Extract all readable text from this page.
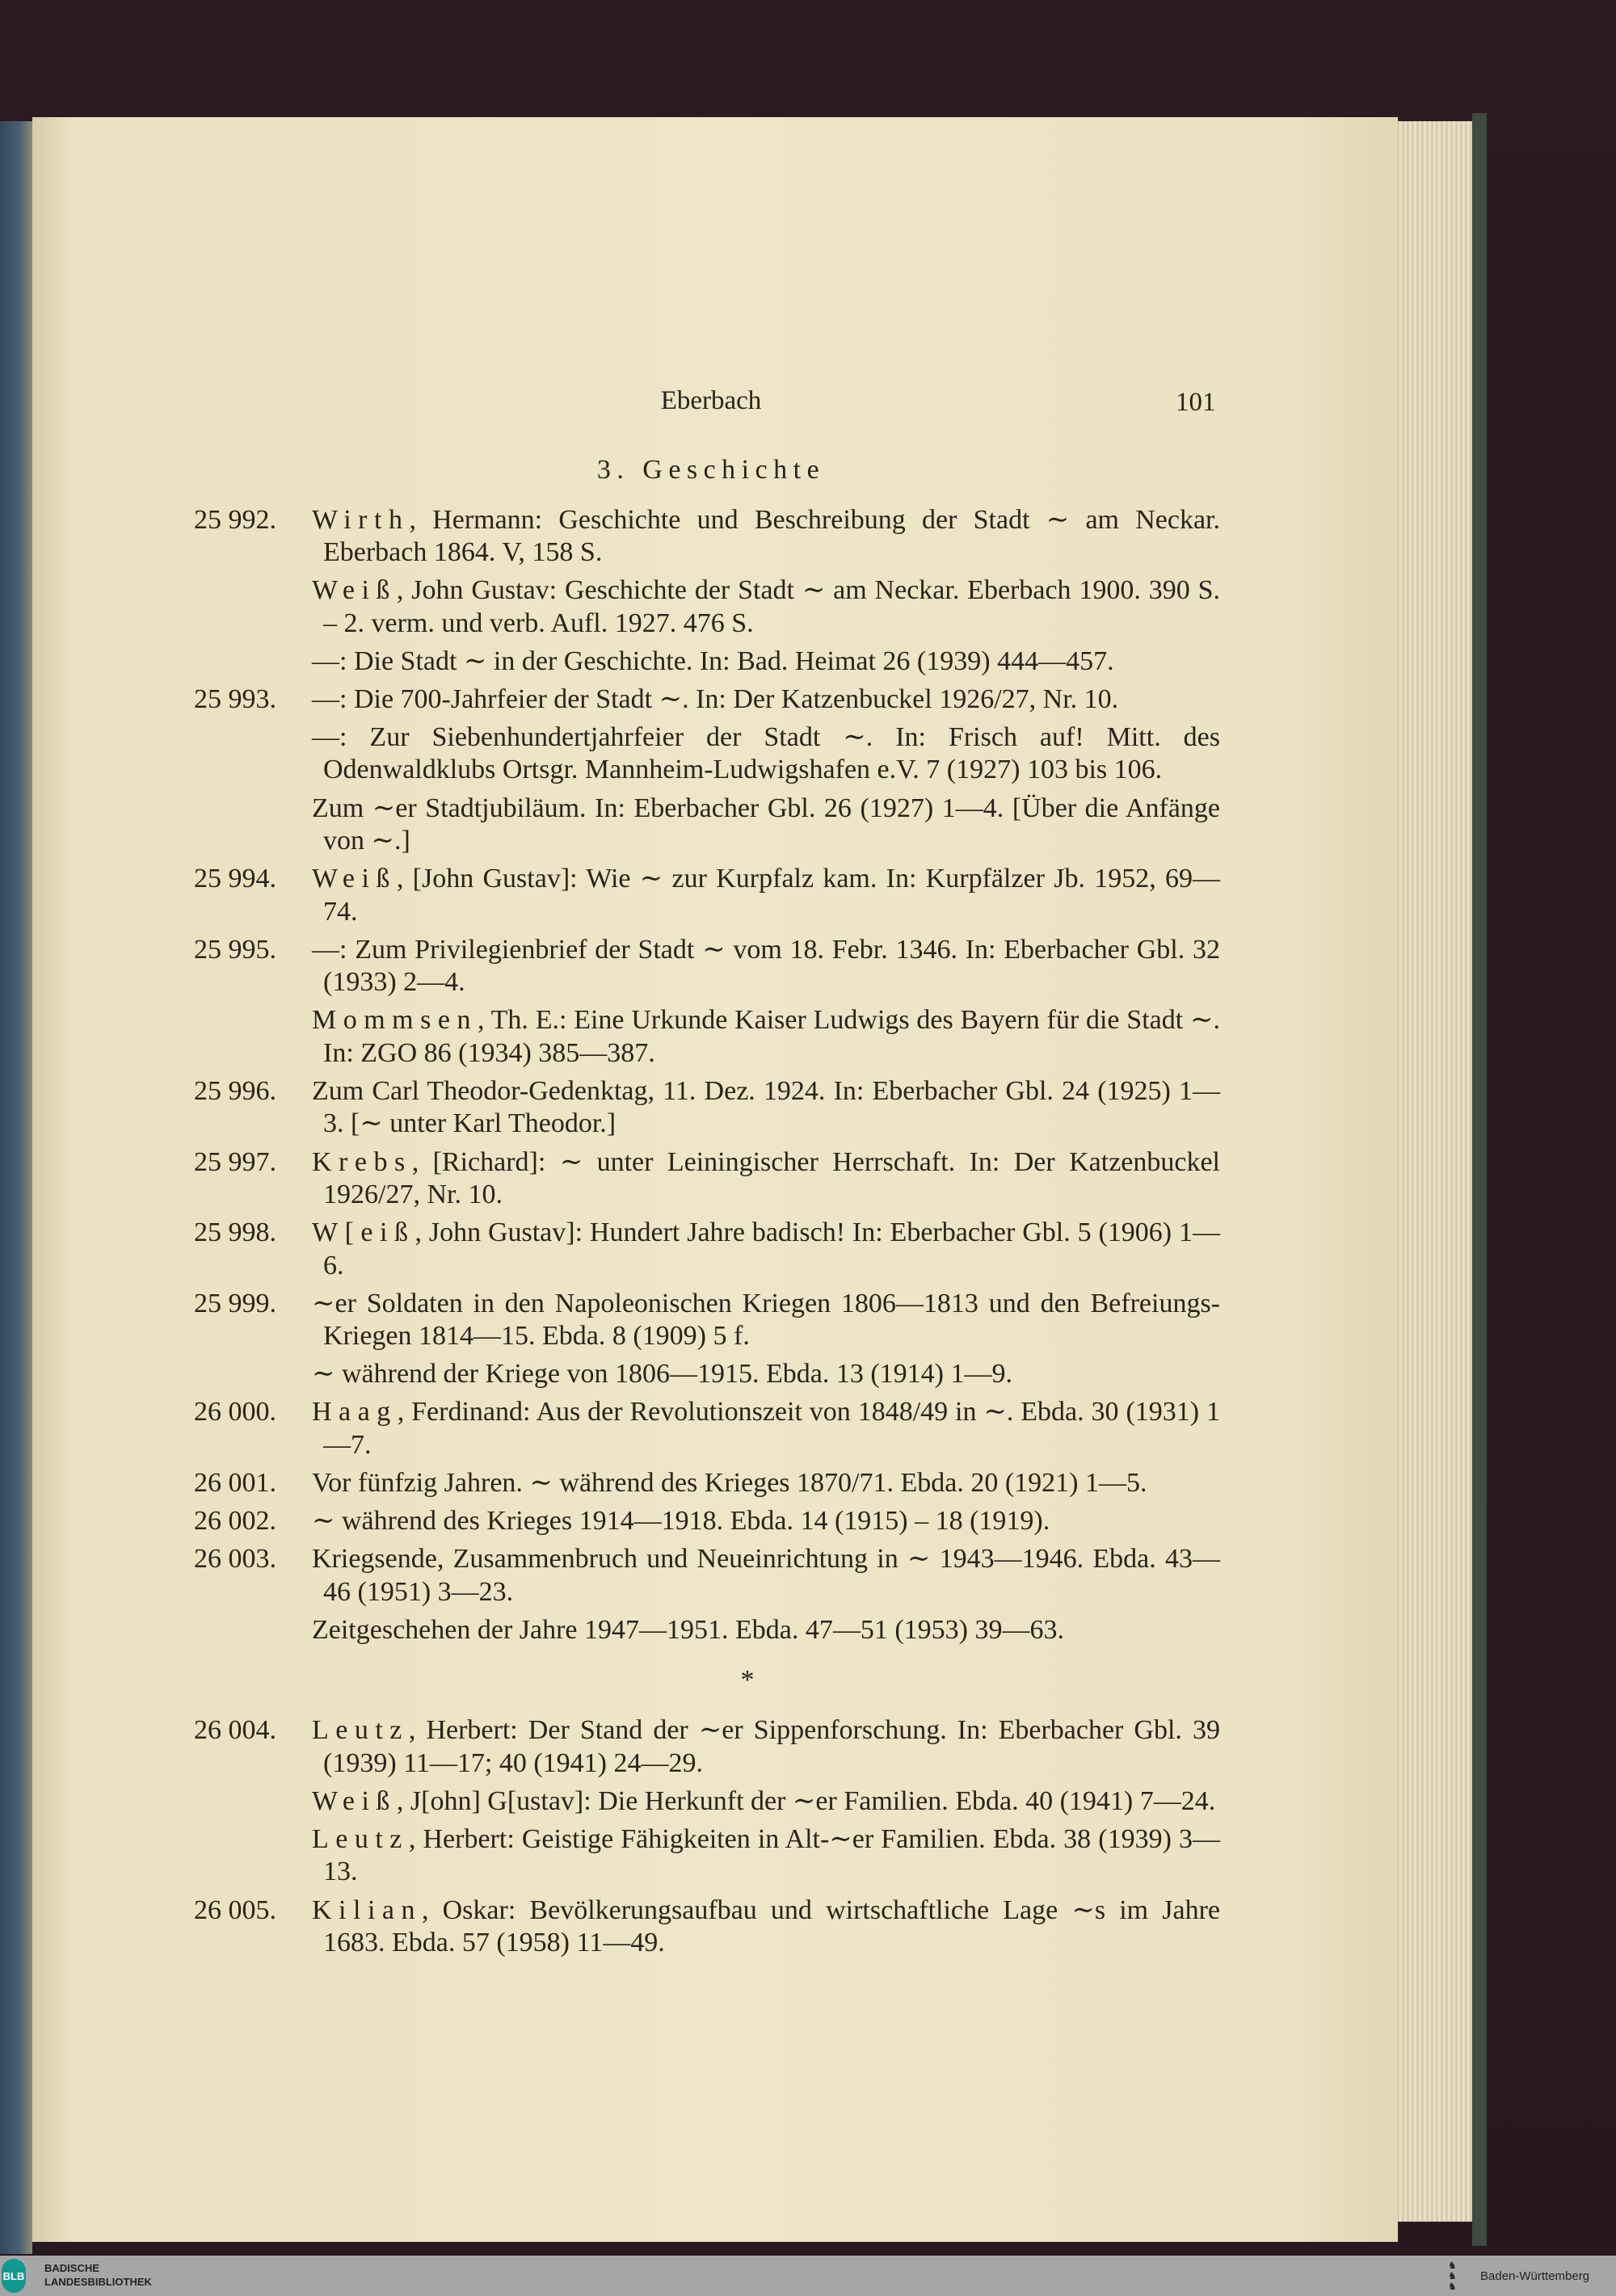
Eberbach	101
3. Geschichte
25 992. Wirth, Hermann: Geschichte und Beschreibung der Stadt ∼ am Neckar. Eberbach 1864. V, 158 S.
Weiß, John Gustav: Geschichte der Stadt ∼ am Neckar. Eberbach 1900. 390 S. – 2. verm. und verb. Aufl. 1927. 476 S.
—: Die Stadt ∼ in der Geschichte. In: Bad. Heimat 26 (1939) 444—457.
25 993. —: Die 700-Jahrfeier der Stadt ∼. In: Der Katzenbuckel 1926/27, Nr. 10.
—: Zur Siebenhundertjahrfeier der Stadt ∼. In: Frisch auf! Mitt. des Odenwaldklubs Ortsgr. Mannheim-Ludwigshafen e.V. 7 (1927) 103 bis 106.
Zum ∼er Stadtjubiläum. In: Eberbacher Gbl. 26 (1927) 1—4. [Über die Anfänge von ∼.]
25 994. Weiß, [John Gustav]: Wie ∼ zur Kurpfalz kam. In: Kurpfälzer Jb. 1952, 69—74.
25 995. —: Zum Privilegienbrief der Stadt ∼ vom 18. Febr. 1346. In: Eberbacher Gbl. 32 (1933) 2—4.
Mommsen, Th. E.: Eine Urkunde Kaiser Ludwigs des Bayern für die Stadt ∼. In: ZGO 86 (1934) 385—387.
25 996. Zum Carl Theodor-Gedenktag, 11. Dez. 1924. In: Eberbacher Gbl. 24 (1925) 1—3. [∼ unter Karl Theodor.]
25 997. Krebs, [Richard]: ∼ unter Leiningischer Herrschaft. In: Der Katzenbuckel 1926/27, Nr. 10.
25 998. W[eiß, John Gustav]: Hundert Jahre badisch! In: Eberbacher Gbl. 5 (1906) 1—6.
25 999. ∼er Soldaten in den Napoleonischen Kriegen 1806—1813 und den Befreiungs-Kriegen 1814—15. Ebda. 8 (1909) 5 f.
∼ während der Kriege von 1806—1915. Ebda. 13 (1914) 1—9.
26 000. Haag, Ferdinand: Aus der Revolutionszeit von 1848/49 in ∼. Ebda. 30 (1931) 1—7.
26 001. Vor fünfzig Jahren. ∼ während des Krieges 1870/71. Ebda. 20 (1921) 1—5.
26 002. ∼ während des Krieges 1914—1918. Ebda. 14 (1915) – 18 (1919).
26 003. Kriegsende, Zusammenbruch und Neueinrichtung in ∼ 1943—1946. Ebda. 43—46 (1951) 3—23.
Zeitgeschehen der Jahre 1947—1951. Ebda. 47—51 (1953) 39—63.
*
26 004. Leutz, Herbert: Der Stand der ∼er Sippenforschung. In: Eberbacher Gbl. 39 (1939) 11—17; 40 (1941) 24—29.
Weiß, J[ohn] G[ustav]: Die Herkunft der ∼er Familien. Ebda. 40 (1941) 7—24.
Leutz, Herbert: Geistige Fähigkeiten in Alt-∼er Familien. Ebda. 38 (1939) 3—13.
26 005. Kilian, Oskar: Bevölkerungsaufbau und wirtschaftliche Lage ∼s im Jahre 1683. Ebda. 57 (1958) 11—49.
BLB
BADISCHE
LANDESBIBLIOTHEK
♞
♞
♞
Baden-Württemberg
